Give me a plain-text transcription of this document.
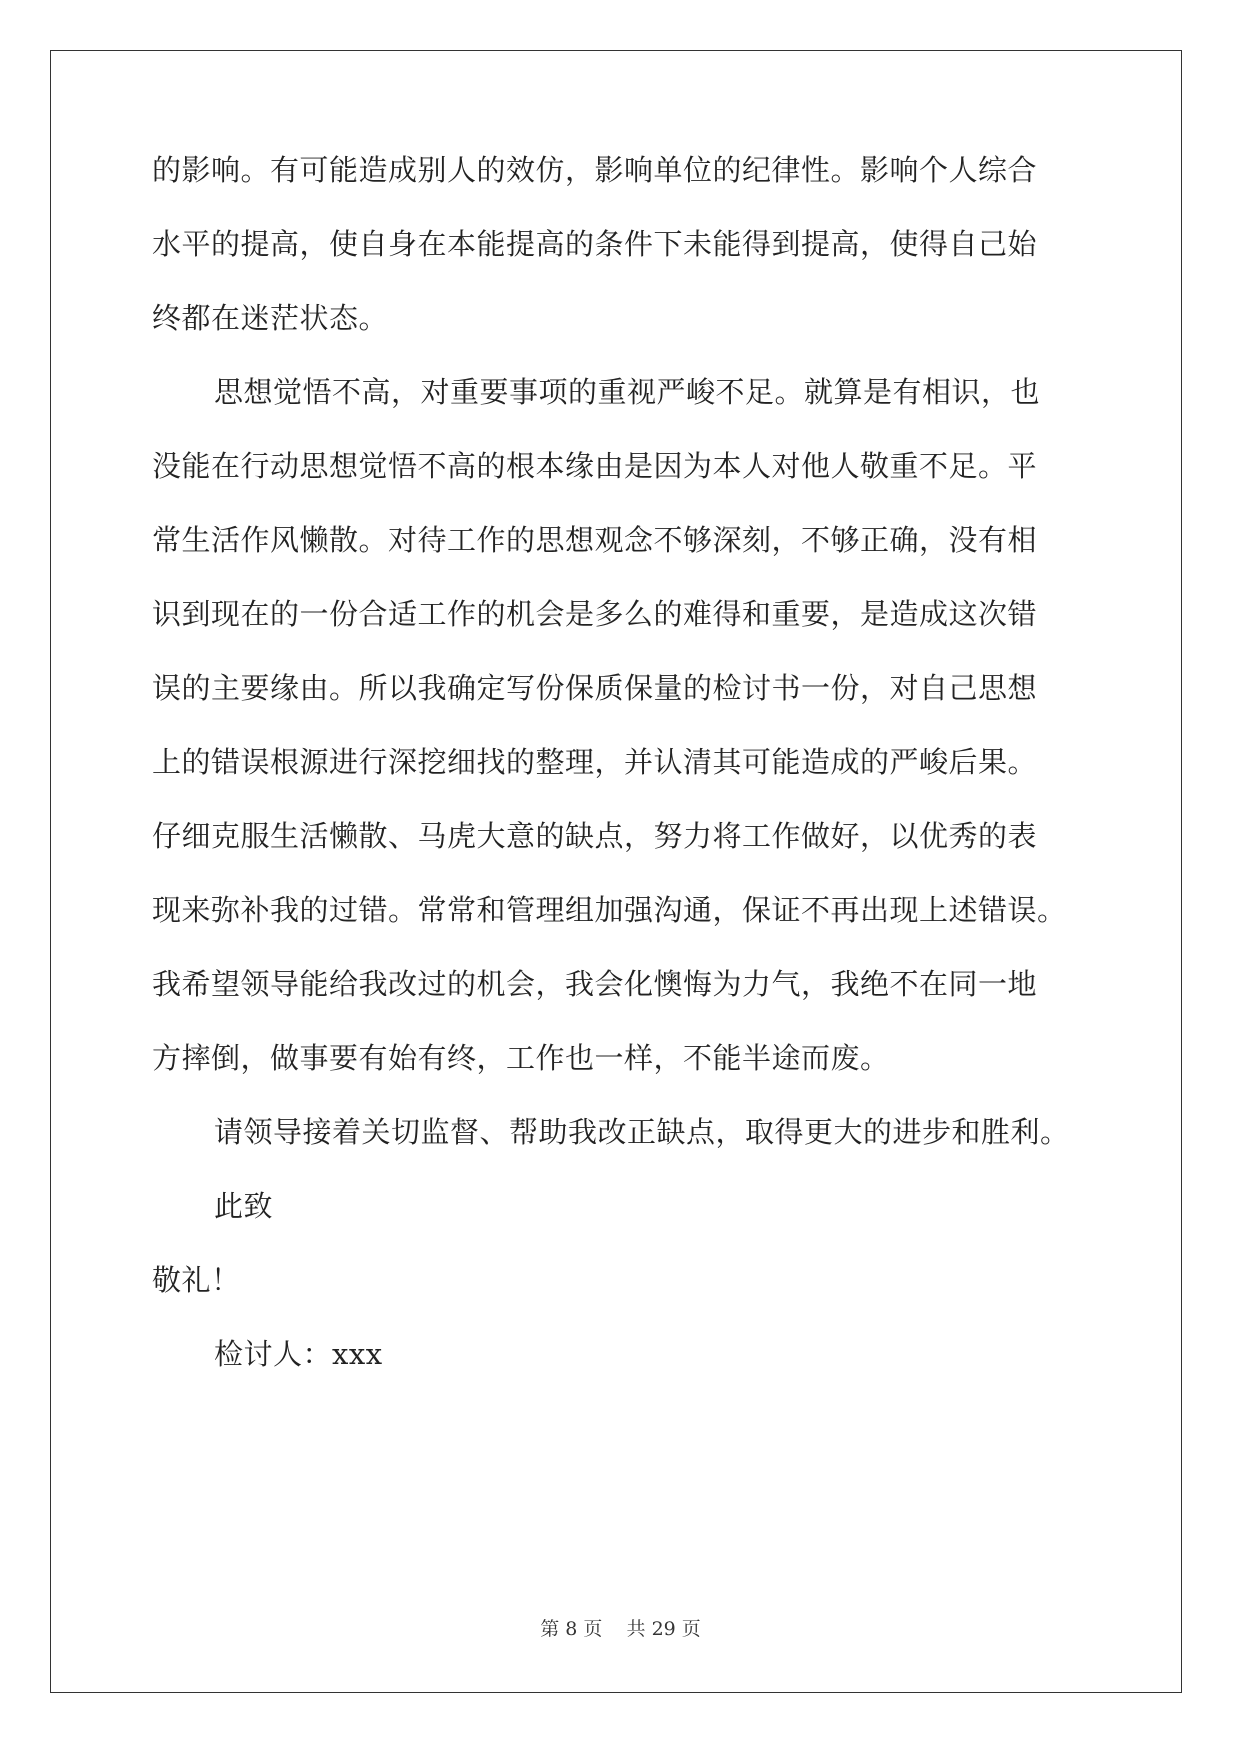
的影响。有可能造成别人的效仿，影响单位的纪律性。影响个人综合
水平的提高，使自身在本能提高的条件下未能得到提高，使得自己始
终都在迷茫状态。
思想觉悟不高，对重要事项的重视严峻不足。就算是有相识，也
没能在行动思想觉悟不高的根本缘由是因为本人对他人敬重不足。平
常生活作风懒散。对待工作的思想观念不够深刻，不够正确，没有相
识到现在的一份合适工作的机会是多么的难得和重要，是造成这次错
误的主要缘由。所以我确定写份保质保量的检讨书一份，对自己思想
上的错误根源进行深挖细找的整理，并认清其可能造成的严峻后果。
仔细克服生活懒散、马虎大意的缺点，努力将工作做好，以优秀的表
现来弥补我的过错。常常和管理组加强沟通，保证不再出现上述错误。
我希望领导能给我改过的机会，我会化懊悔为力气，我绝不在同一地
方摔倒，做事要有始有终，工作也一样，不能半途而废。
请领导接着关切监督、帮助我改正缺点，取得更大的进步和胜利。
此致
敬礼！
检讨人：xxx
第 8 页 共 29 页
